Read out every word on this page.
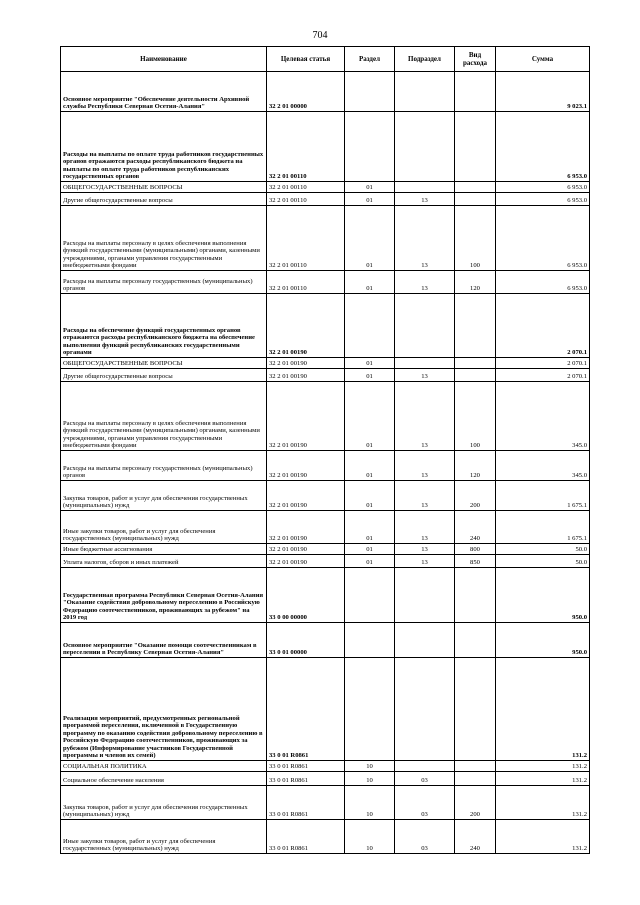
704
Наименование	Целевая статья	Раздел	Подраздел	Вид расхода	Сумма
Основное мероприятие "Обеспечение деятельности Архивной службы Республики Северная Осетия-Алания"	32 2 01 00000				9 023.1
Расходы на выплаты по оплате труда работников государственных органов отражаются расходы республиканского бюджета на выплаты по оплате труда работников республиканских государственных органов	32 2 01 00110				6 953.0
ОБЩЕГОСУДАРСТВЕННЫЕ ВОПРОСЫ	32 2 01 00110	01			6 953.0
Другие общегосударственные вопросы	32 2 01 00110	01	13		6 953.0
Расходы на выплаты персоналу в целях обеспечения выполнения функций государственными (муниципальными) органами, казенными учреждениями, органами управления государственными внебюджетными фондами	32 2 01 00110	01	13	100	6 953.0
Расходы на выплаты персоналу государственных (муниципальных) органов	32 2 01 00110	01	13	120	6 953.0
Расходы на обеспечение функций государственных органов отражаются расходы республиканского бюджета на обеспечение выполнения функций республиканских государственными органами	32 2 01 00190				2 070.1
ОБЩЕГОСУДАРСТВЕННЫЕ ВОПРОСЫ	32 2 01 00190	01			2 070.1
Другие общегосударственные вопросы	32 2 01 00190	01	13		2 070.1
Расходы на выплаты персоналу в целях обеспечения выполнения функций государственными (муниципальными) органами, казенными учреждениями, органами управления государственными внебюджетными фондами	32 2 01 00190	01	13	100	345.0
Расходы на выплаты персоналу государственных (муниципальных) органов	32 2 01 00190	01	13	120	345.0
Закупка товаров, работ и услуг для обеспечения государственных (муниципальных) нужд	32 2 01 00190	01	13	200	1 675.1
Иные закупки товаров, работ и услуг для обеспечения государственных (муниципальных) нужд	32 2 01 00190	01	13	240	1 675.1
Иные бюджетные ассигнования	32 2 01 00190	01	13	800	50.0
Уплата налогов, сборов и иных платежей	32 2 01 00190	01	13	850	50.0
Государственная программа Республики Северная Осетия-Алания "Оказание содействия добровольному переселению в Российскую Федерацию соотечественников, проживающих за рубежом" на 2019 год	33 0 00 00000				950.0
Основное мероприятие "Оказание помощи соотечественникам в переселении в Республику Северная Осетия-Алания"	33 0 01 00000				950.0
Реализация мероприятий, предусмотренных региональной программой переселения, включенной в Государственную программу по оказанию содействия добровольному переселению в Российскую Федерацию соотечественников, проживающих за рубежом (Информирование участников Государственной программы и членов их семей)	33 0 01 R0861				131.2
СОЦИАЛЬНАЯ ПОЛИТИКА	33 0 01 R0861	10			131.2
Социальное обеспечение населения	33 0 01 R0861	10	03		131.2
Закупка товаров, работ и услуг для обеспечения государственных (муниципальных) нужд	33 0 01 R0861	10	03	200	131.2
Иные закупки товаров, работ и услуг для обеспечения государственных (муниципальных) нужд	33 0 01 R0861	10	03	240	131.2
